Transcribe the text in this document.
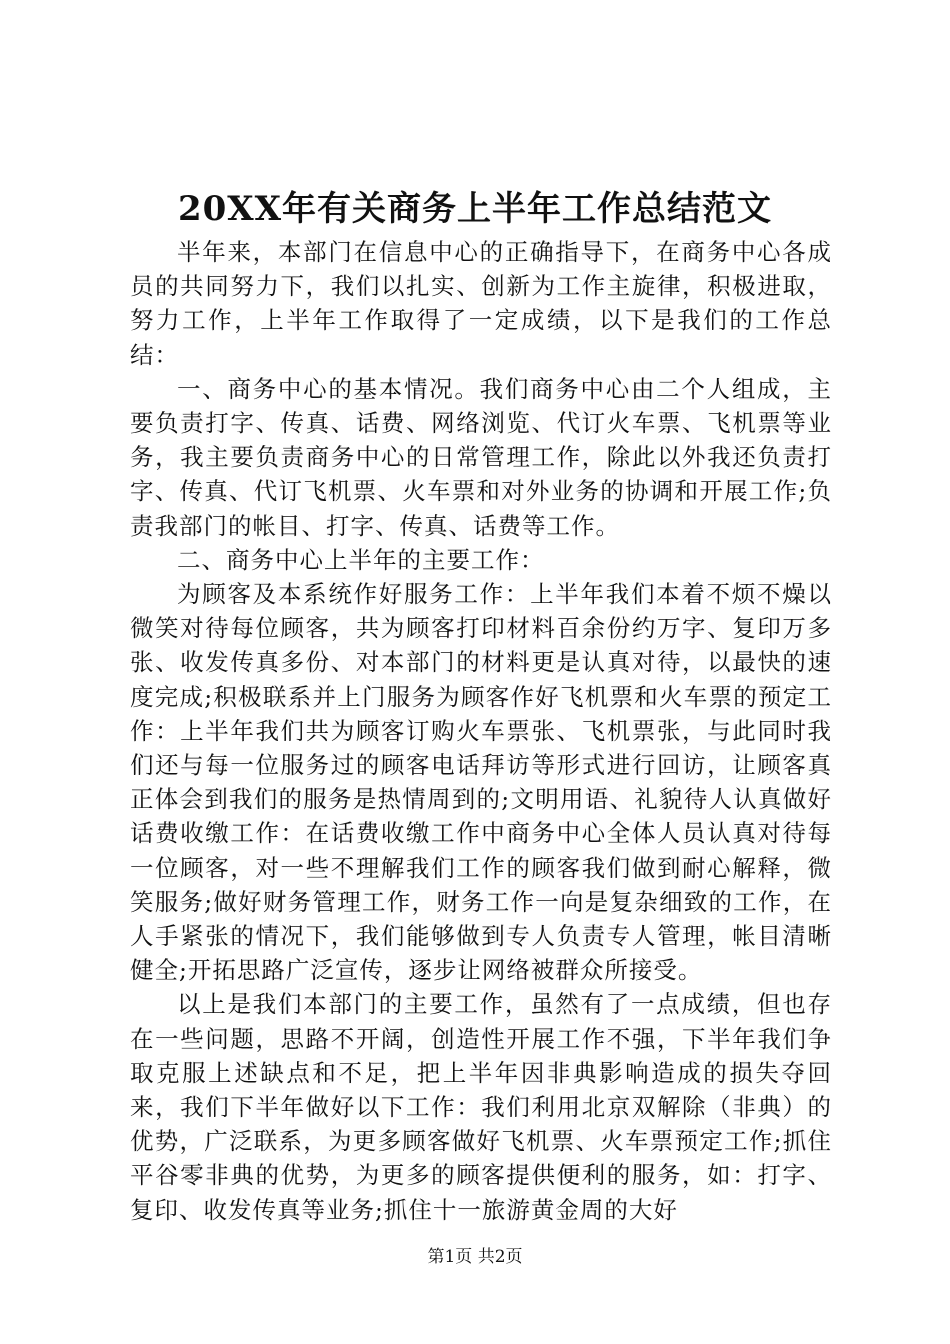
20XX年有关商务上半年工作总结范文

半年来，本部门在信息中心的正确指导下，在商务中心各成员的共同努力下，我们以扎实、创新为工作主旋律，积极进取，努力工作，上半年工作取得了一定成绩，以下是我们的工作总结：

一、商务中心的基本情况。我们商务中心由二个人组成，主要负责打字、传真、话费、网络浏览、代订火车票、飞机票等业务，我主要负责商务中心的日常管理工作，除此以外我还负责打字、传真、代订飞机票、火车票和对外业务的协调和开展工作;负责我部门的帐目、打字、传真、话费等工作。

二、商务中心上半年的主要工作：

为顾客及本系统作好服务工作：上半年我们本着不烦不燥以微笑对待每位顾客，共为顾客打印材料百余份约万字、复印万多张、收发传真多份、对本部门的材料更是认真对待，以最快的速度完成;积极联系并上门服务为顾客作好飞机票和火车票的预定工作：上半年我们共为顾客订购火车票张、飞机票张，与此同时我们还与每一位服务过的顾客电话拜访等形式进行回访，让顾客真正体会到我们的服务是热情周到的;文明用语、礼貌待人认真做好话费收缴工作：在话费收缴工作中商务中心全体人员认真对待每一位顾客，对一些不理解我们工作的顾客我们做到耐心解释，微笑服务;做好财务管理工作，财务工作一向是复杂细致的工作，在人手紧张的情况下，我们能够做到专人负责专人管理，帐目清晰健全;开拓思路广泛宣传，逐步让网络被群众所接受。

以上是我们本部门的主要工作，虽然有了一点成绩，但也存在一些问题，思路不开阔，创造性开展工作不强，下半年我们争取克服上述缺点和不足，把上半年因非典影响造成的损失夺回来，我们下半年做好以下工作：我们利用北京双解除（非典）的优势，广泛联系，为更多顾客做好飞机票、火车票预定工作;抓住平谷零非典的优势，为更多的顾客提供便利的服务，如：打字、复印、收发传真等业务;抓住十一旅游黄金周的大好

第1页 共2页
